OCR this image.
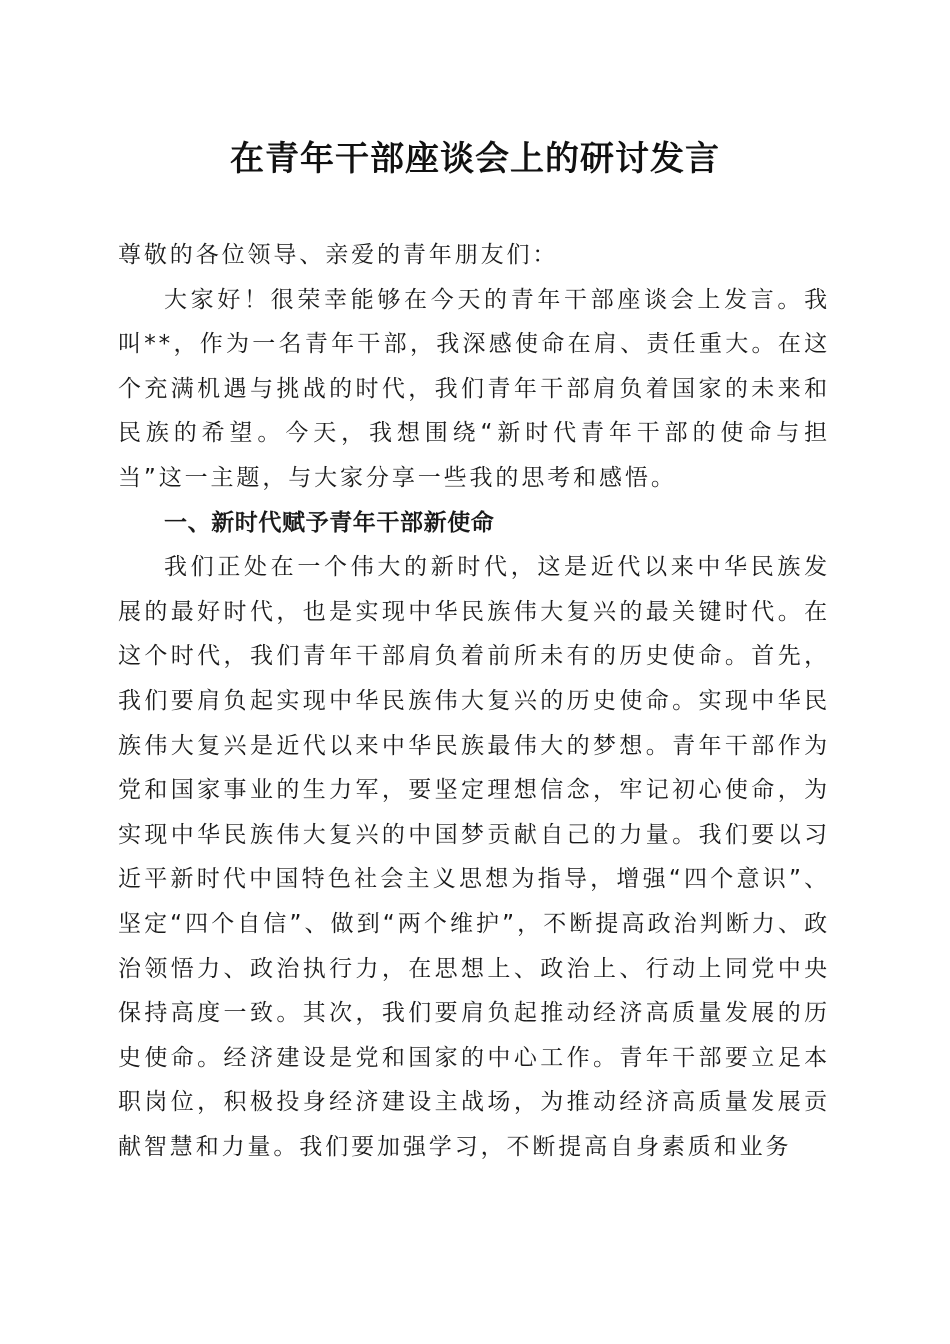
在青年干部座谈会上的研讨发言

尊敬的各位领导、亲爱的青年朋友们：

大家好！很荣幸能够在今天的青年干部座谈会上发言。我叫**，作为一名青年干部，我深感使命在肩、责任重大。在这个充满机遇与挑战的时代，我们青年干部肩负着国家的未来和民族的希望。今天，我想围绕“新时代青年干部的使命与担当”这一主题，与大家分享一些我的思考和感悟。

一、新时代赋予青年干部新使命

我们正处在一个伟大的新时代，这是近代以来中华民族发展的最好时代，也是实现中华民族伟大复兴的最关键时代。在这个时代，我们青年干部肩负着前所未有的历史使命。首先，我们要肩负起实现中华民族伟大复兴的历史使命。实现中华民族伟大复兴是近代以来中华民族最伟大的梦想。青年干部作为党和国家事业的生力军，要坚定理想信念，牢记初心使命，为实现中华民族伟大复兴的中国梦贡献自己的力量。我们要以习近平新时代中国特色社会主义思想为指导，增强“四个意识”、坚定“四个自信”、做到“两个维护”，不断提高政治判断力、政治领悟力、政治执行力，在思想上、政治上、行动上同党中央保持高度一致。其次，我们要肩负起推动经济高质量发展的历史使命。经济建设是党和国家的中心工作。青年干部要立足本职岗位，积极投身经济建设主战场，为推动经济高质量发展贡献智慧和力量。我们要加强学习，不断提高自身素质和业务
